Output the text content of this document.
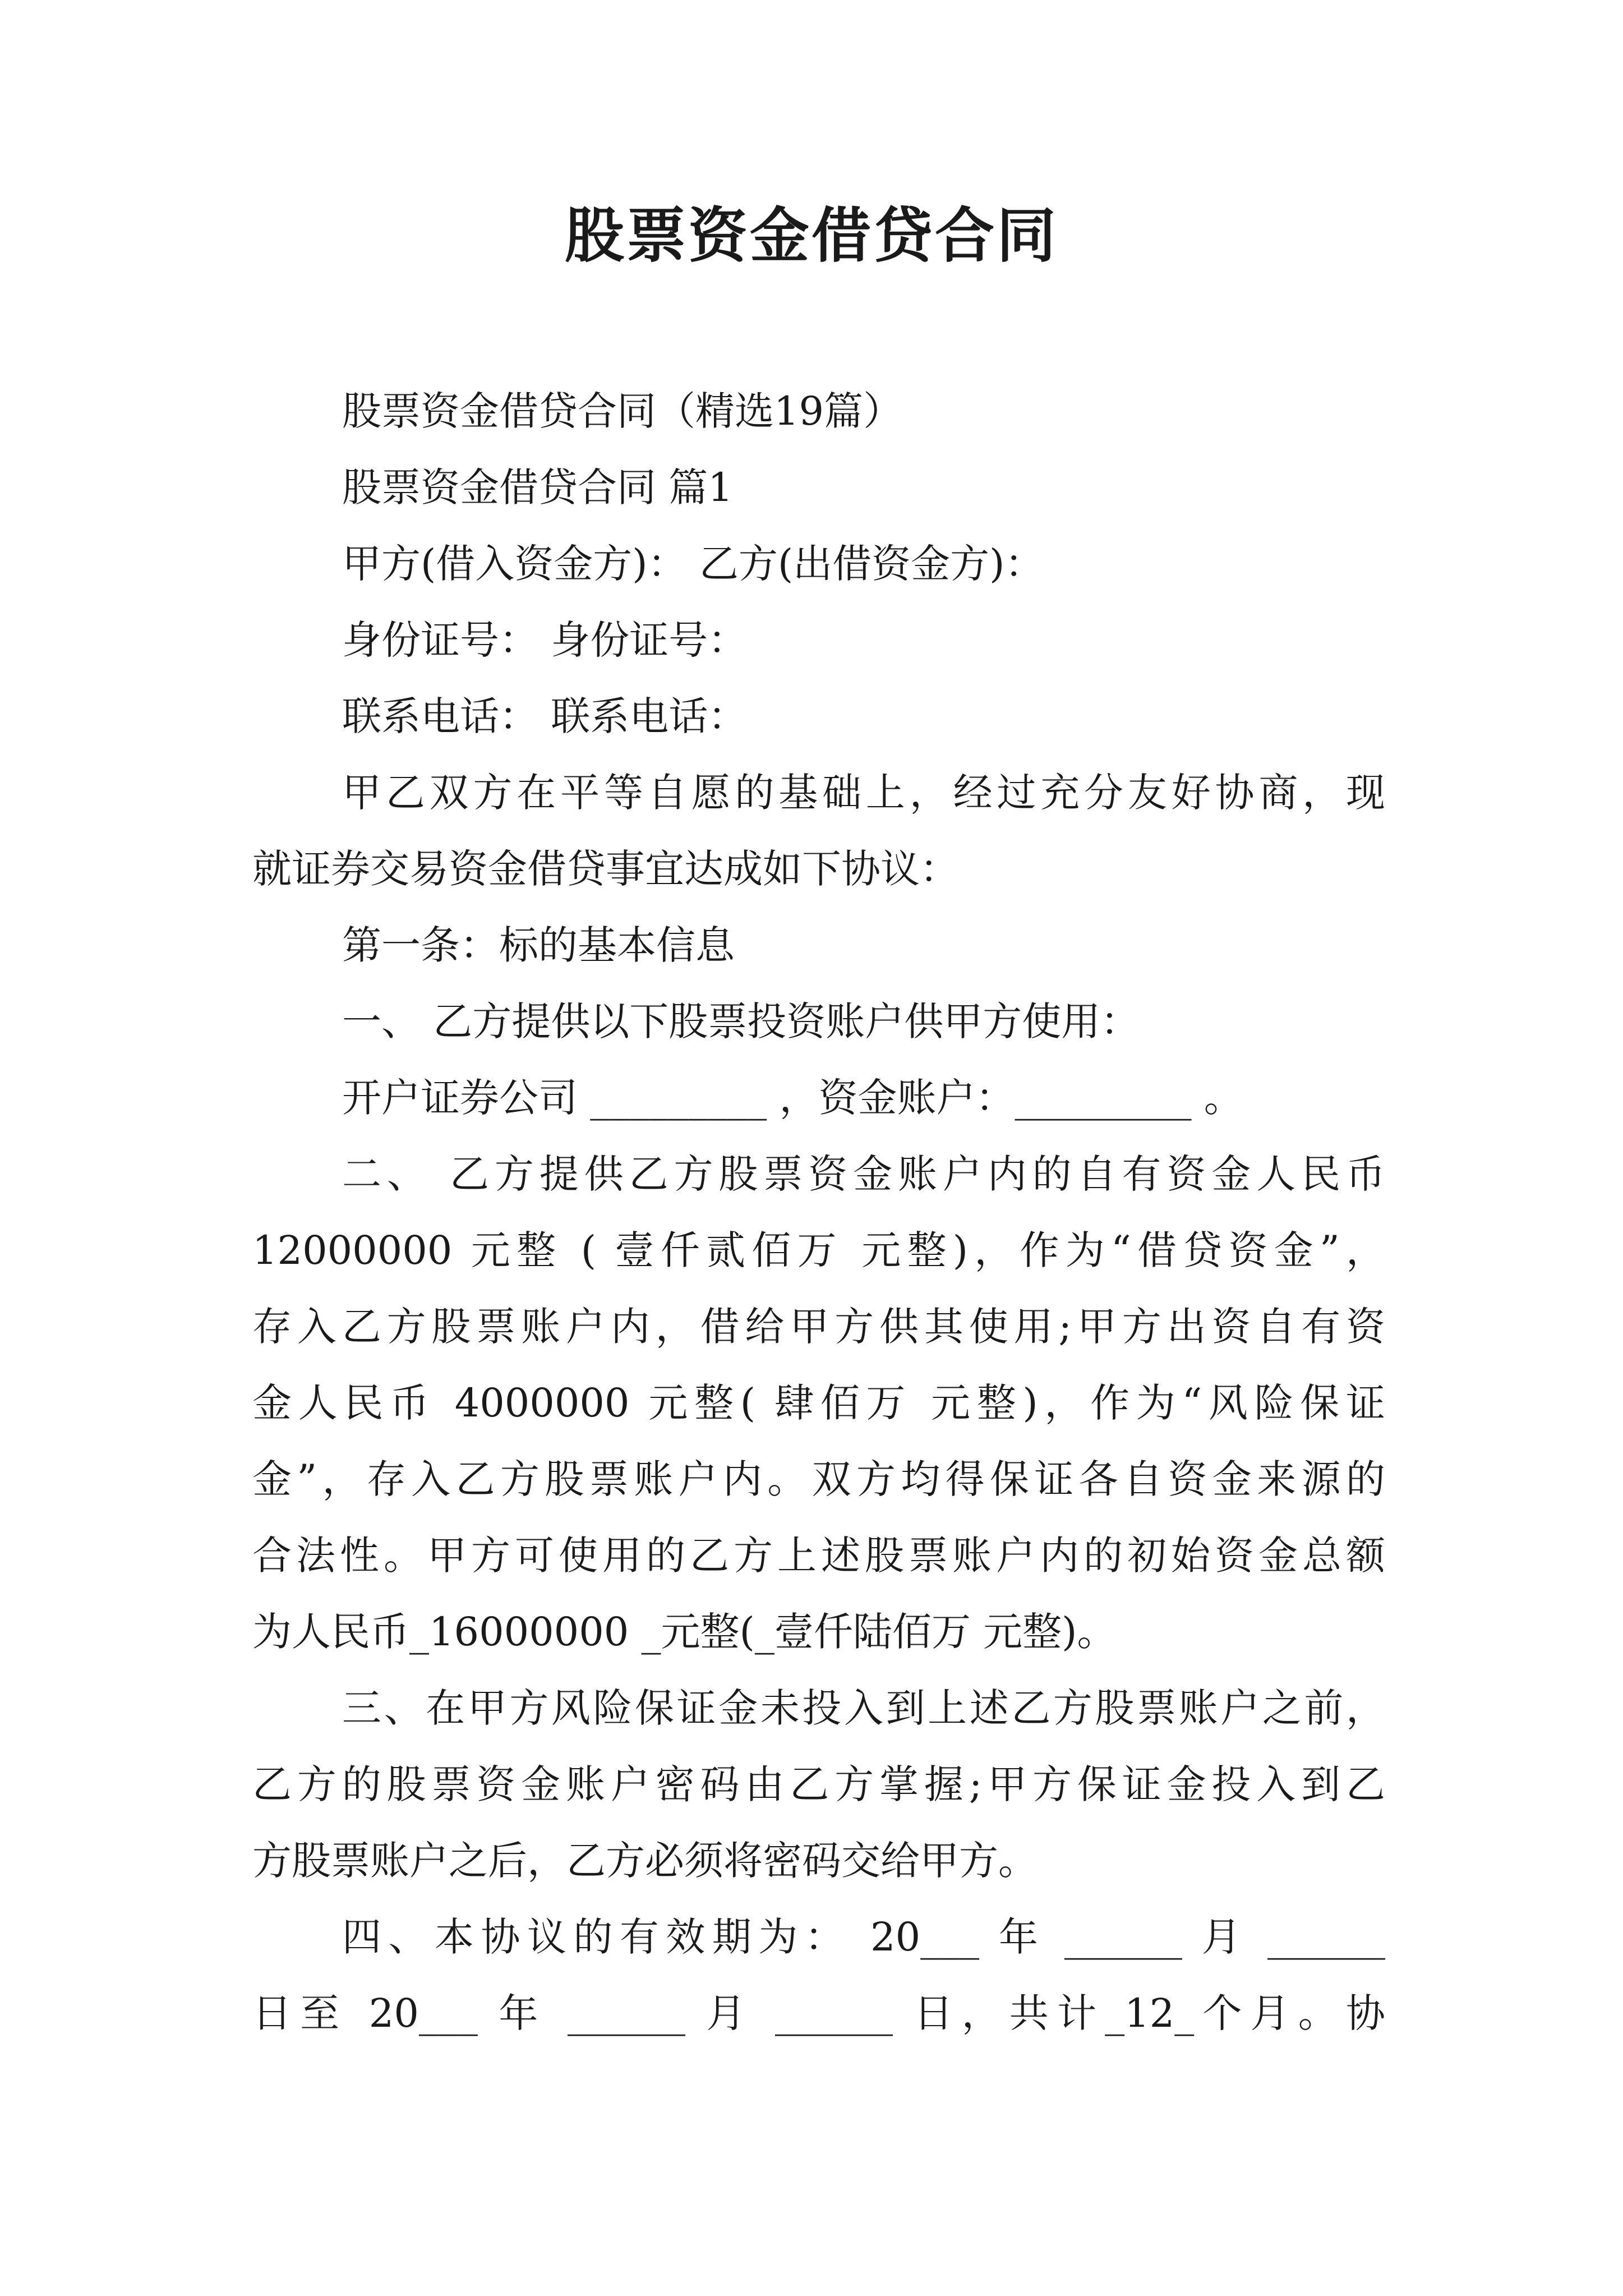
股票资金借贷合同

股票资金借贷合同（精选19篇）

股票资金借贷合同 篇1

甲方(借入资金方)： 乙方(出借资金方)：

身份证号： 身份证号：

联系电话： 联系电话：

甲乙双方在平等自愿的基础上，经过充分友好协商，现

就证券交易资金借贷事宜达成如下协议：

第一条：标的基本信息

一、 乙方提供以下股票投资账户供甲方使用：

开户证券公司 _________ ，资金账户：_________ 。

二、 乙方提供乙方股票资金账户内的自有资金人民币

12000000 元整 ( 壹仟贰佰万 元整)，作为“借贷资金”，

存入乙方股票账户内，借给甲方供其使用;甲方出资自有资

金人民币 4000000 元整( 肆佰万 元整)，作为“风险保证

金”，存入乙方股票账户内。双方均得保证各自资金来源的

合法性。甲方可使用的乙方上述股票账户内的初始资金总额

为人民币_16000000 _元整(_壹仟陆佰万 元整)。

三、在甲方风险保证金未投入到上述乙方股票账户之前，

乙方的股票资金账户密码由乙方掌握;甲方保证金投入到乙

方股票账户之后，乙方必须将密码交给甲方。

四、本协议的有效期为： 20___ 年 ______ 月 ______

日至 20___ 年 ______ 月 ______ 日，共计_12_个月。协
